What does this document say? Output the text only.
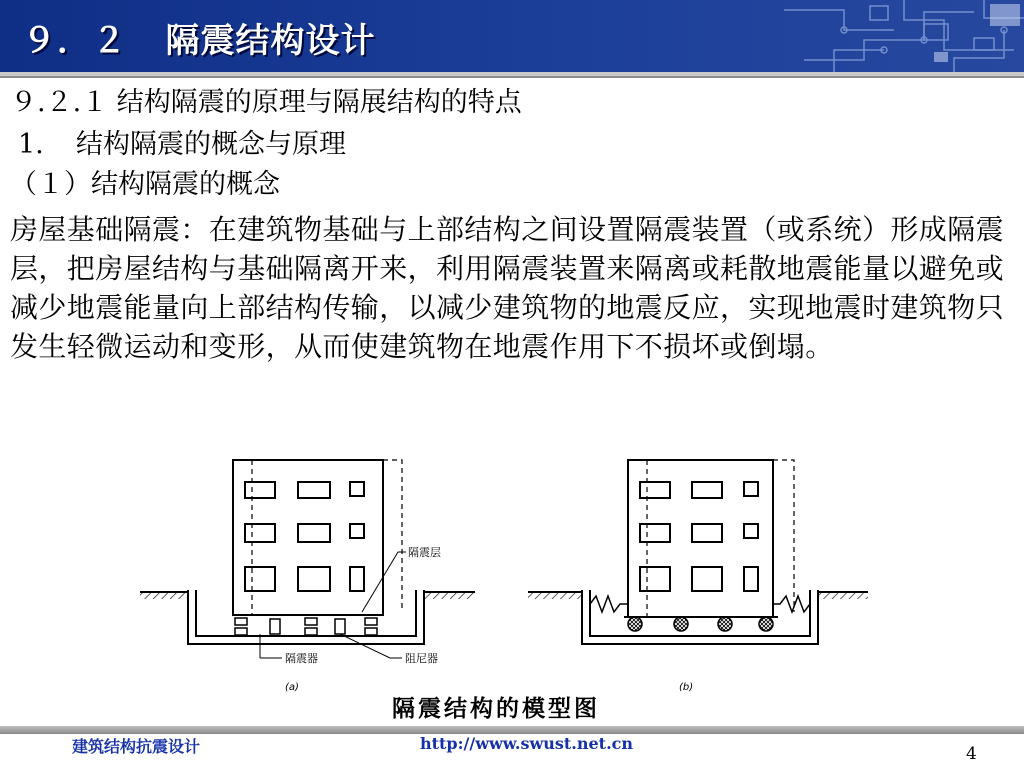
９．２ 隔震结构设计
９.２.１ 结构隔震的原理与隔展结构的特点
1. 结构隔震的概念与原理
（１）结构隔震的概念
房屋基础隔震：在建筑物基础与上部结构之间设置隔震装置（或系统）形成隔震层，把房屋结构与基础隔离开来，利用隔震装置来隔离或耗散地震能量以避免或减少地震能量向上部结构传输，以减少建筑物的地震反应，实现地震时建筑物只发生轻微运动和变形，从而使建筑物在地震作用下不损坏或倒塌。
隔震层
隔震器	阻尼器
(a)	(b)
隔震结构的模型图
建筑结构抗震设计	http://www.swust.net.cn
4
